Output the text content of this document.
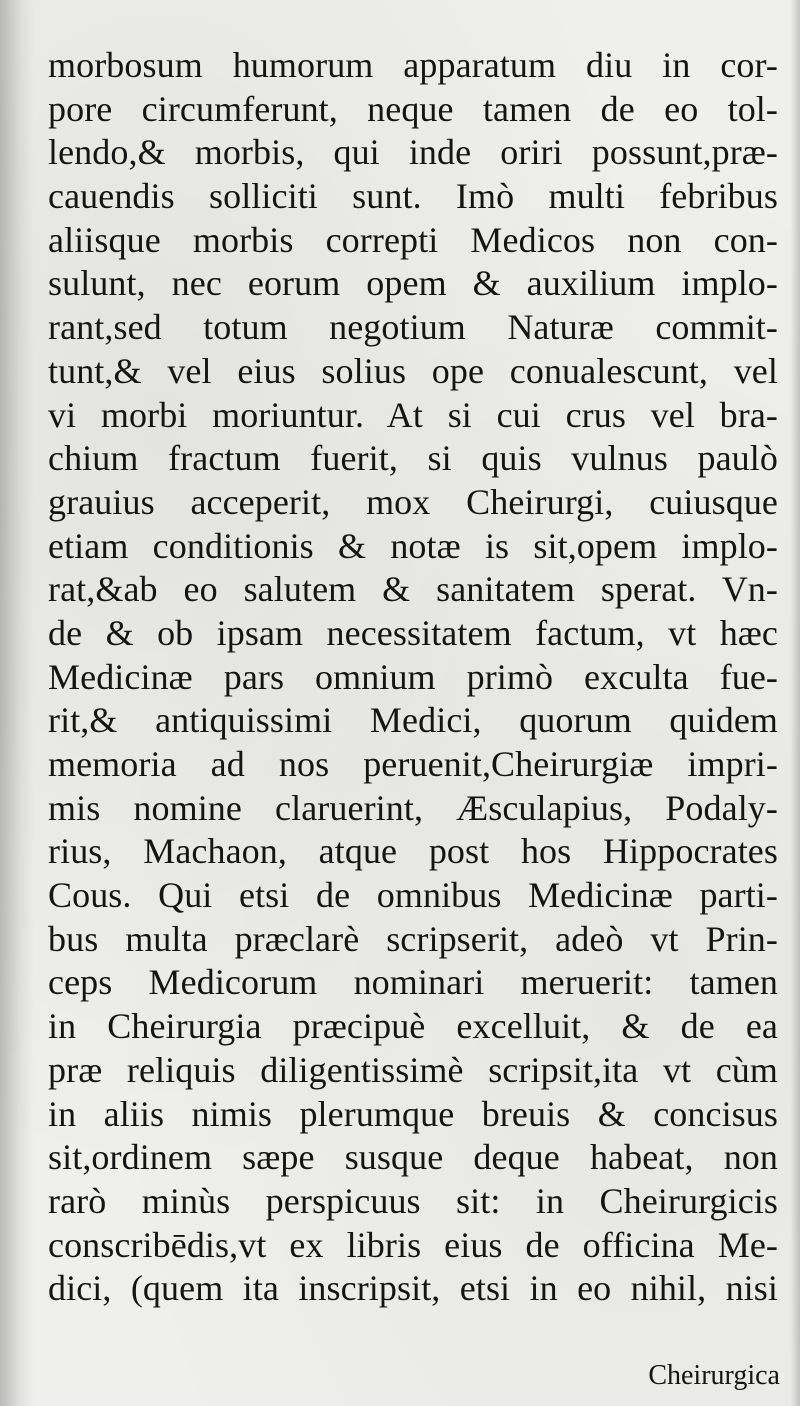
morbosum humorum apparatum diu in cor-
pore circumferunt, neque tamen de eo tol-
lendo,& morbis, qui inde oriri possunt,præ-
cauendis solliciti sunt. Imò multi febribus
aliisque morbis correpti Medicos non con-
sulunt, nec eorum opem & auxilium implo-
rant,sed totum negotium Naturæ commit-
tunt,& vel eius solius ope conualescunt, vel
vi morbi moriuntur. At si cui crus vel bra-
chium fractum fuerit, si quis vulnus paulò
grauius acceperit, mox Cheirurgi, cuiusque
etiam conditionis & notæ is sit,opem implo-
rat,&ab eo salutem & sanitatem sperat. Vn-
de & ob ipsam necessitatem factum, vt hæc
Medicinæ pars omnium primò exculta fue-
rit,& antiquissimi Medici, quorum quidem
memoria ad nos peruenit,Cheirurgiæ impri-
mis nomine claruerint, Æsculapius, Podaly-
rius, Machaon, atque post hos Hippocrates
Cous. Qui etsi de omnibus Medicinæ parti-
bus multa præclarè scripserit, adeò vt Prin-
ceps Medicorum nominari meruerit: tamen
in Cheirurgia præcipuè excelluit, & de ea
præ reliquis diligentissimè scripsit,ita vt cùm
in aliis nimis plerumque breuis & concisus
sit,ordinem sæpe susque deque habeat, non
rarò minùs perspicuus sit: in Cheirurgicis
conscribēdis,vt ex libris eius de officina Me-
dici, (quem ita inscripsit, etsi in eo nihil, nisi
Cheirurgica
